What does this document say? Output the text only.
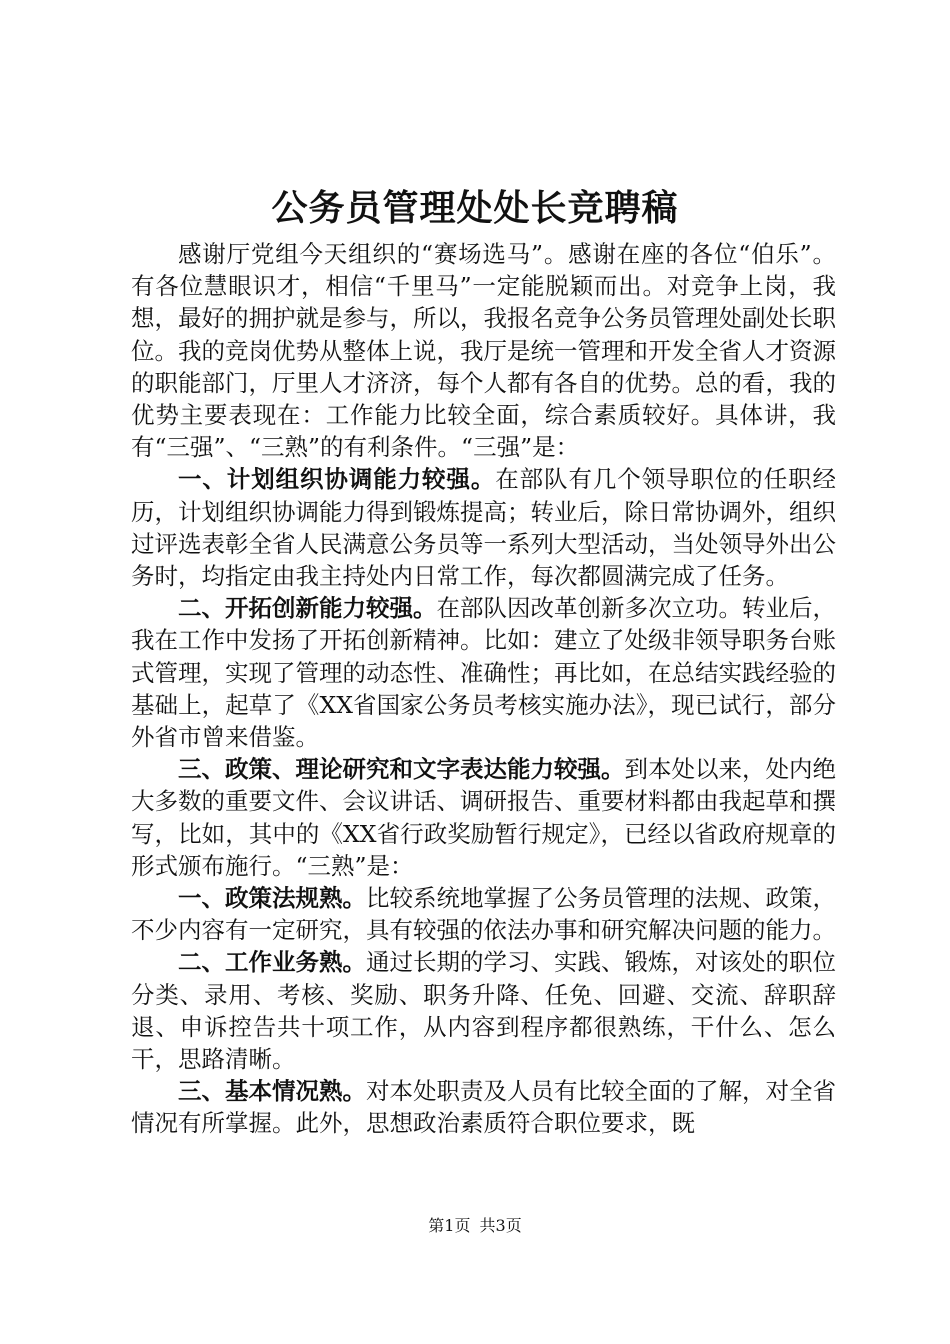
公务员管理处处长竞聘稿

感谢厅党组今天组织的“赛场选马”。感谢在座的各位“伯乐”。有各位慧眼识才，相信“千里马”一定能脱颖而出。对竞争上岗，我想，最好的拥护就是参与，所以，我报名竞争公务员管理处副处长职位。我的竞岗优势从整体上说，我厅是统一管理和开发全省人才资源的职能部门，厅里人才济济，每个人都有各自的优势。总的看，我的优势主要表现在：工作能力比较全面，综合素质较好。具体讲，我有“三强”、“三熟”的有利条件。“三强”是：

一、计划组织协调能力较强。在部队有几个领导职位的任职经历，计划组织协调能力得到锻炼提高；转业后，除日常协调外，组织过评选表彰全省人民满意公务员等一系列大型活动，当处领导外出公务时，均指定由我主持处内日常工作，每次都圆满完成了任务。

二、开拓创新能力较强。在部队因改革创新多次立功。转业后，我在工作中发扬了开拓创新精神。比如：建立了处级非领导职务台账式管理，实现了管理的动态性、准确性；再比如，在总结实践经验的基础上，起草了《XX省国家公务员考核实施办法》，现已试行，部分外省市曾来借鉴。

三、政策、理论研究和文字表达能力较强。到本处以来，处内绝大多数的重要文件、会议讲话、调研报告、重要材料都由我起草和撰写，比如，其中的《XX省行政奖励暂行规定》，已经以省政府规章的形式颁布施行。“三熟”是：

一、政策法规熟。比较系统地掌握了公务员管理的法规、政策，不少内容有一定研究，具有较强的依法办事和研究解决问题的能力。

二、工作业务熟。通过长期的学习、实践、锻炼，对该处的职位分类、录用、考核、奖励、职务升降、任免、回避、交流、辞职辞退、申诉控告共十项工作，从内容到程序都很熟练，干什么、怎么干，思路清晰。

三、基本情况熟。对本处职责及人员有比较全面的了解，对全省情况有所掌握。此外，思想政治素质符合职位要求，既

第1页 共3页
